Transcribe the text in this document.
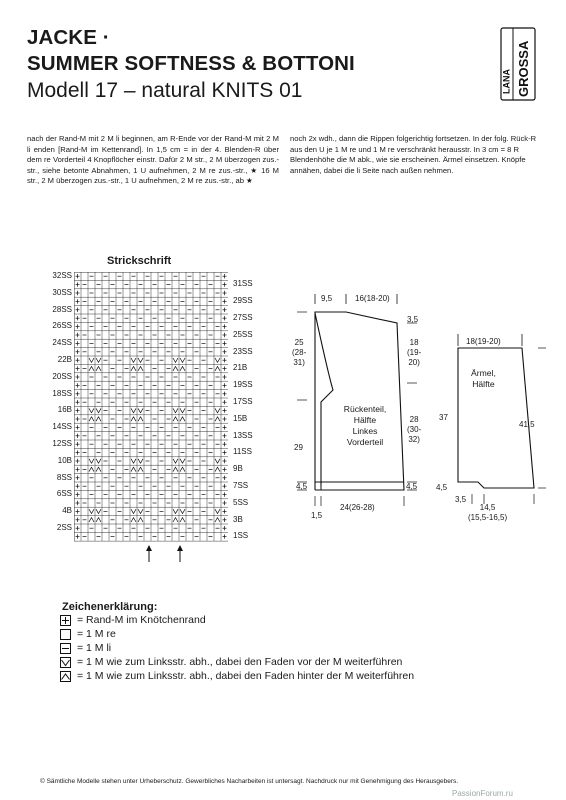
JACKE ·
SUMMER SOFTNESS & BOTTONI
Modell 17 – natural KNITS 01	LANA GROSSA

nach der Rand-M mit 2 M li beginnen, am R-Ende vor der Rand-M mit 2 M li enden [Rand-M im Kettenrand]. In 1,5 cm = in der 4. Blenden-R über dem re Vorderteil 4 Knopflöcher einstr. Dafür 2 M str., 2 M überzogen zus.-str., siehe betonte Abnahmen, 1 U aufnehmen, 2 M re zus.-str., ★ 16 M str., 2 M überzogen zus.-str., 1 U aufnehmen, 2 M re zus.-str., ab ★

noch 2x wdh., dann die Rippen folgerichtig fortsetzen. In der folg. Rück-R aus den U je 1 M re und 1 M re verschränkt herausstr. In 3 cm = 8 R Blendenhöhe die M abk., wie sie erscheinen. Ärmel einsetzen. Knöpfe annähen, dabei die li Seite nach außen nehmen.

Strickschrift
32SS
30SS
28SS
26SS
24SS
22B
20SS
18SS
16B
14SS
12SS
10B
8SS
6SS
4B
2SS
31SS
29SS
27SS
25SS
23SS
21B
19SS
17SS
15B
13SS
11SS
9B
7SS
5SS
3B
1SS
9,5	16(18-20)
3,5
25
(28-
31)
18
(19-
20)
28
(30-
32)
29
4,5	4,5
1,5
24(26-28)
Rückenteil,
Hälfte
Linkes
Vorderteil
18(19-20)
Ärmel,
Hälfte
37
41,5
4,5
3,5
14,5
(15,5-16,5)
Zeichenerklärung:
= Rand-M im Knötchenrand
= 1 M re
= 1 M li
= 1 M wie zum Linksstr. abh., dabei den Faden vor der M weiterführen
= 1 M wie zum Linksstr. abh., dabei den Faden hinter der M weiterführen
© Sämtliche Modelle stehen unter Urheberschutz. Gewerbliches Nacharbeiten ist untersagt. Nachdruck nur mit Genehmigung des Herausgebers.
PassionForum.ru
